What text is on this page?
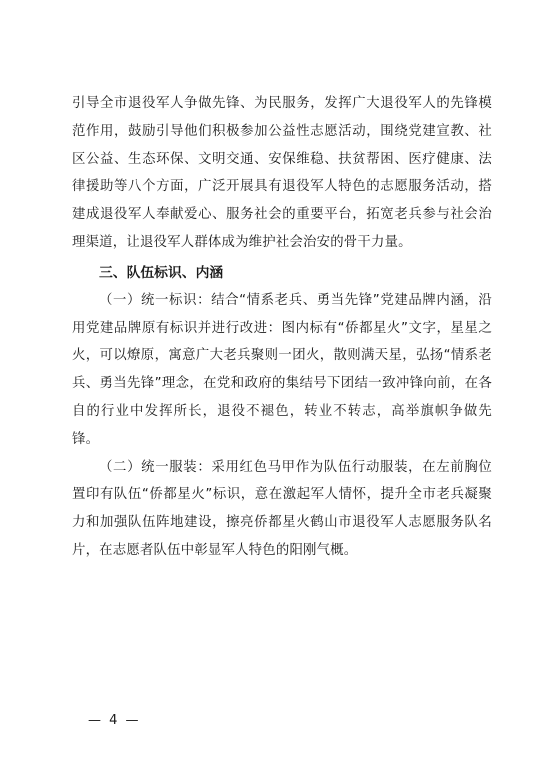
引导全市退役军人争做先锋、为民服务，发挥广大退役军人的先锋模范作用，鼓励引导他们积极参加公益性志愿活动，围绕党建宣教、社区公益、生态环保、文明交通、安保维稳、扶贫帮困、医疗健康、法律援助等八个方面，广泛开展具有退役军人特色的志愿服务活动，搭建成退役军人奉献爱心、服务社会的重要平台，拓宽老兵参与社会治理渠道，让退役军人群体成为维护社会治安的骨干力量。

三、队伍标识、内涵

（一）统一标识：结合“情系老兵、勇当先锋”党建品牌内涵，沿用党建品牌原有标识并进行改进：图内标有“侨都星火”文字，星星之火，可以燎原，寓意广大老兵聚则一团火，散则满天星，弘扬“情系老兵、勇当先锋”理念，在党和政府的集结号下团结一致冲锋向前，在各自的行业中发挥所长，退役不褪色，转业不转志，高举旗帜争做先锋。

（二）统一服装：采用红色马甲作为队伍行动服装，在左前胸位置印有队伍“侨都星火”标识，意在激起军人情怀，提升全市老兵凝聚力和加强队伍阵地建设，擦亮侨都星火鹤山市退役军人志愿服务队名片，在志愿者队伍中彰显军人特色的阳刚气概。

— 4 —
